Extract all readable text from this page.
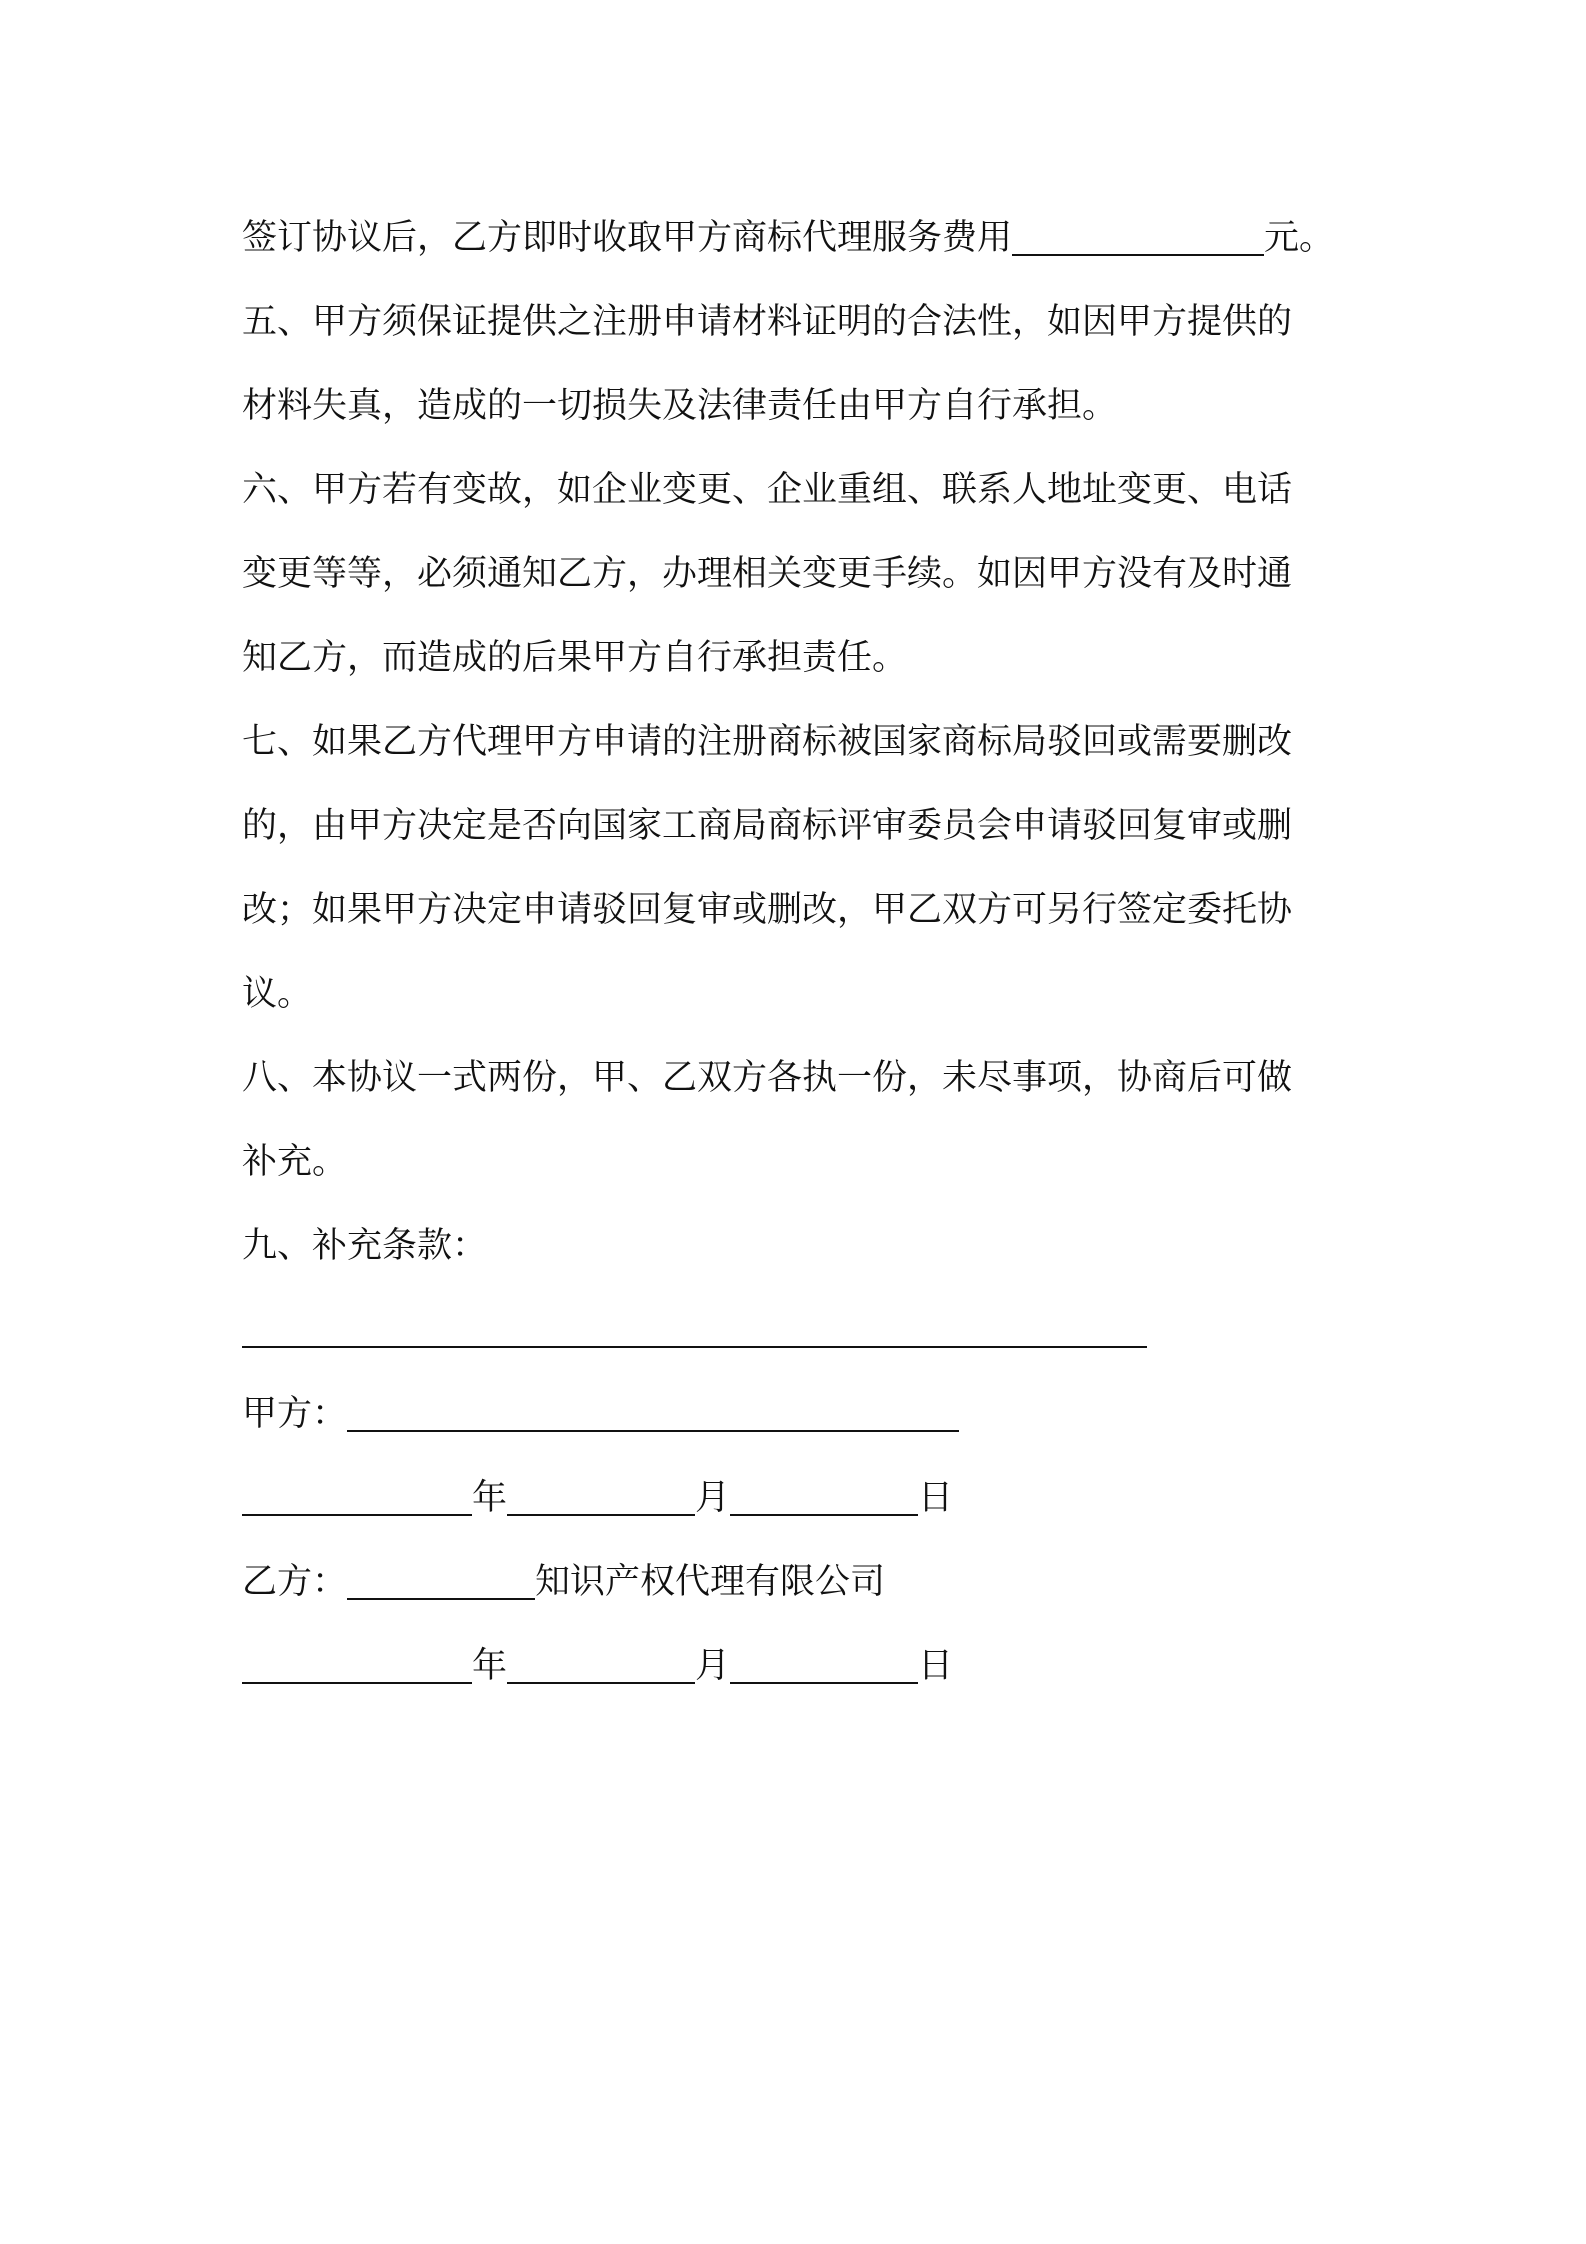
签订协议后，乙方即时收取甲方商标代理服务费用	元。
五、甲方须保证提供之注册申请材料证明的合法性，如因甲方提供的
材料失真，造成的一切损失及法律责任由甲方自行承担。
六、甲方若有变故，如企业变更、企业重组、联系人地址变更、电话
变更等等，必须通知乙方，办理相关变更手续。如因甲方没有及时通
知乙方，而造成的后果甲方自行承担责任。
七、如果乙方代理甲方申请的注册商标被国家商标局驳回或需要删改
的，由甲方决定是否向国家工商局商标评审委员会申请驳回复审或删
改；如果甲方决定申请驳回复审或删改，甲乙双方可另行签定委托协
议。
八、本协议一式两份，甲、乙双方各执一份，未尽事项，协商后可做
补充。
九、补充条款：
甲方：
年	月	日
乙方：	知识产权代理有限公司
年	月	日
